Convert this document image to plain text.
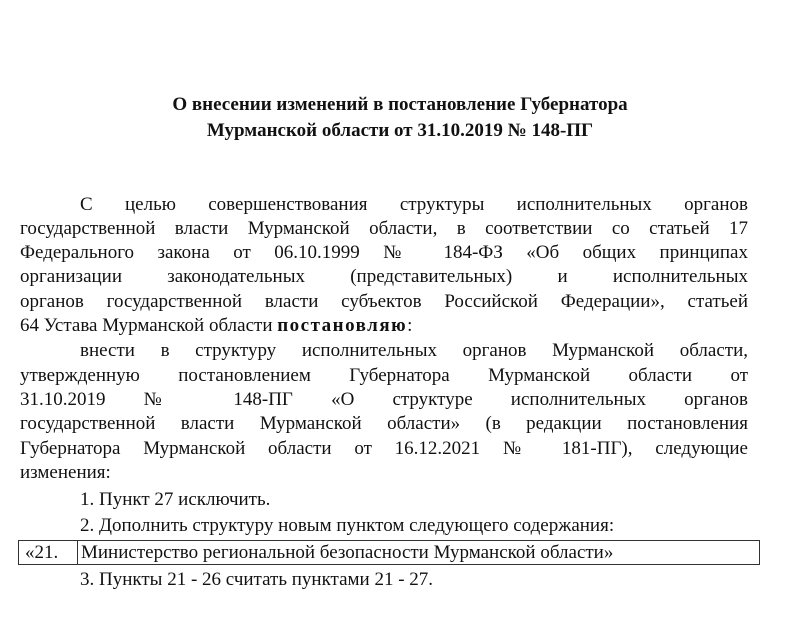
О внесении изменений в постановление Губернатора
Мурманской области от 31.10.2019 № 148-ПГ
С целью совершенствования структуры исполнительных органов
государственной власти Мурманской области, в соответствии со статьей 17
Федерального закона от 06.10.1999 № 184-ФЗ «Об общих принципах
организации законодательных (представительных) и исполнительных
органов государственной власти субъектов Российской Федерации», статьей
64 Устава Мурманской области постановляю:
внести в структуру исполнительных органов Мурманской области,
утвержденную постановлением Губернатора Мурманской области от
31.10.2019 № 148-ПГ «О структуре исполнительных органов
государственной власти Мурманской области» (в редакции постановления
Губернатора Мурманской области от 16.12.2021 № 181-ПГ), следующие
изменения:
1. Пункт 27 исключить.
2. Дополнить структуру новым пунктом следующего содержания:
«21. Министерство региональной безопасности Мурманской области»
3. Пункты 21 - 26 считать пунктами 21 - 27.
